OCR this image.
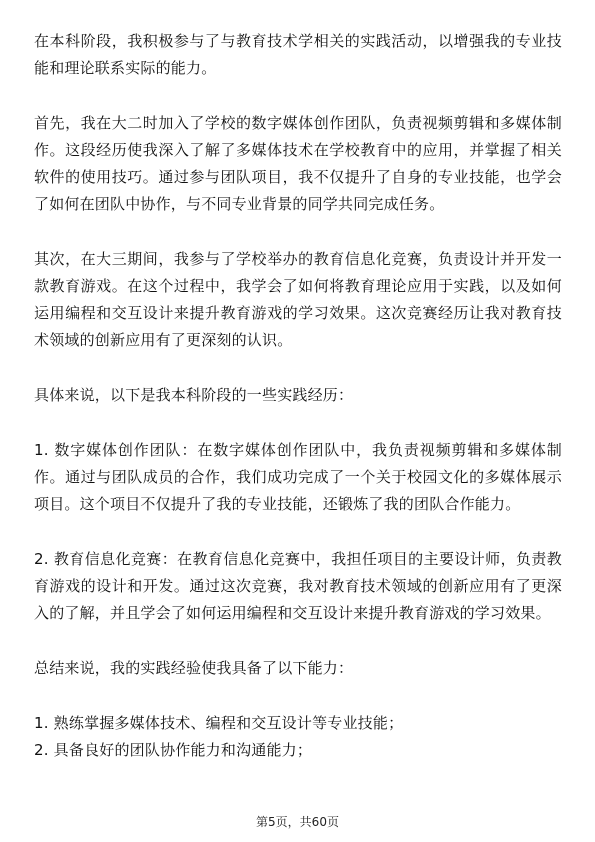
在本科阶段，我积极参与了与教育技术学相关的实践活动，以增强我的专业技能和理论联系实际的能力。

首先，我在大二时加入了学校的数字媒体创作团队，负责视频剪辑和多媒体制作。这段经历使我深入了解了多媒体技术在学校教育中的应用，并掌握了相关软件的使用技巧。通过参与团队项目，我不仅提升了自身的专业技能，也学会了如何在团队中协作，与不同专业背景的同学共同完成任务。

其次，在大三期间，我参与了学校举办的教育信息化竞赛，负责设计并开发一款教育游戏。在这个过程中，我学会了如何将教育理论应用于实践，以及如何运用编程和交互设计来提升教育游戏的学习效果。这次竞赛经历让我对教育技术领域的创新应用有了更深刻的认识。

具体来说，以下是我本科阶段的一些实践经历：

1. 数字媒体创作团队：在数字媒体创作团队中，我负责视频剪辑和多媒体制作。通过与团队成员的合作，我们成功完成了一个关于校园文化的多媒体展示项目。这个项目不仅提升了我的专业技能，还锻炼了我的团队合作能力。

2. 教育信息化竞赛：在教育信息化竞赛中，我担任项目的主要设计师，负责教育游戏的设计和开发。通过这次竞赛，我对教育技术领域的创新应用有了更深入的了解，并且学会了如何运用编程和交互设计来提升教育游戏的学习效果。

总结来说，我的实践经验使我具备了以下能力：

1. 熟练掌握多媒体技术、编程和交互设计等专业技能；

2. 具备良好的团队协作能力和沟通能力；

第5页，共60页
